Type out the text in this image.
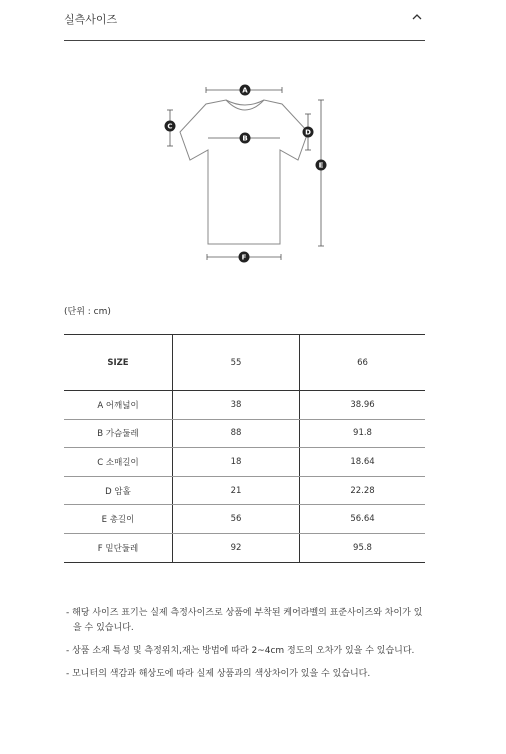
실측사이즈
A
B
C
D
E
F
(단위 : cm)
SIZE	55	66
A 어깨넓이	38	38.96
B 가슴둘레	88	91.8
C 소매길이	18	18.64
D 암홀	21	22.28
E 총길이	56	56.64
F 밑단둘레	92	95.8

- 해당 사이즈 표기는 실제 측정사이즈로 상품에 부착된 케어라벨의 표준사이즈와 차이가 있을 수 있습니다.

- 상품 소재 특성 및 측정위치,재는 방법에 따라 2~4cm 정도의 오차가 있을 수 있습니다.

- 모니터의 색감과 해상도에 따라 실제 상품과의 색상차이가 있을 수 있습니다.
